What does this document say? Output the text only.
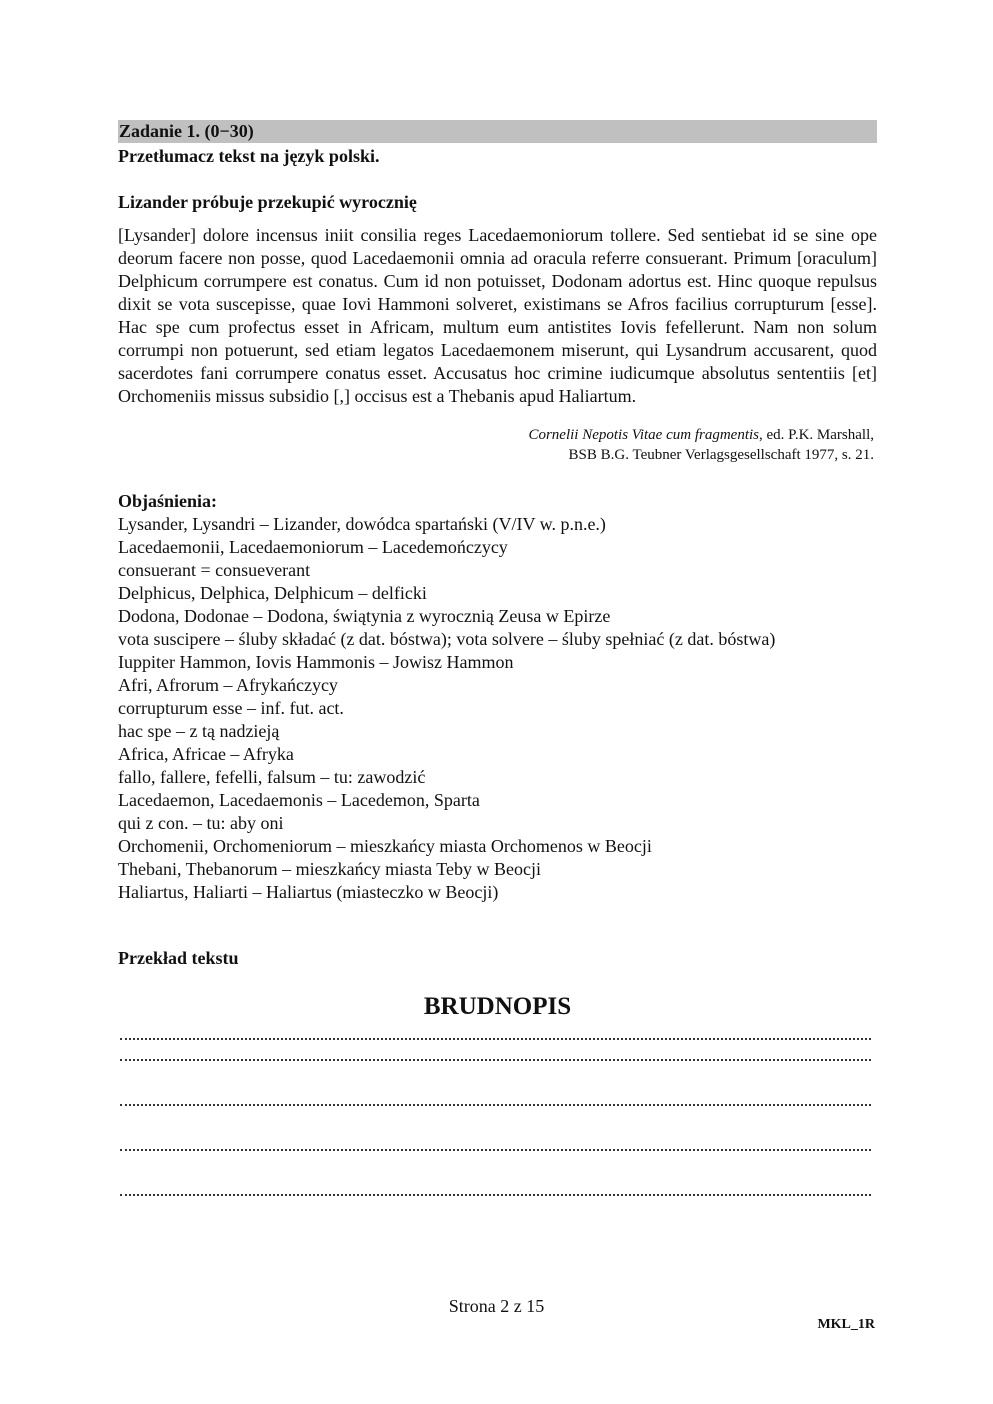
Zadanie 1. (0−30)
Przetłumacz tekst na język polski.
Lizander próbuje przekupić wyrocznię
[Lysander] dolore incensus iniit consilia reges Lacedaemoniorum tollere. Sed sentiebat id se sine ope deorum facere non posse, quod Lacedaemonii omnia ad oracula referre consuerant. Primum [oraculum] Delphicum corrumpere est conatus. Cum id non potuisset, Dodonam adortus est. Hinc quoque repulsus dixit se vota suscepisse, quae Iovi Hammoni solveret, existimans se Afros facilius corrupturum [esse]. Hac spe cum profectus esset in Africam, multum eum antistites Iovis fefellerunt. Nam non solum corrumpi non potuerunt, sed etiam legatos Lacedaemonem miserunt, qui Lysandrum accusarent, quod sacerdotes fani corrumpere conatus esset. Accusatus hoc crimine iudicumque absolutus sententiis [et] Orchomeniis missus subsidio [,] occisus est a Thebanis apud Haliartum.
Cornelii Nepotis Vitae cum fragmentis, ed. P.K. Marshall,
BSB B.G. Teubner Verlagsgesellschaft 1977, s. 21.
Objaśnienia:
Lysander, Lysandri – Lizander, dowódca spartański (V/IV w. p.n.e.)
Lacedaemonii, Lacedaemoniorum – Lacedemończycy
consuerant = consueverant
Delphicus, Delphica, Delphicum – delficki
Dodona, Dodonae – Dodona, świątynia z wyrocznią Zeusa w Epirze
vota suscipere – śluby składać (z dat. bóstwa); vota solvere – śluby spełniać (z dat. bóstwa)
Iuppiter Hammon, Iovis Hammonis – Jowisz Hammon
Afri, Afrorum – Afrykańczycy
corrupturum esse – inf. fut. act.
hac spe – z tą nadzieją
Africa, Africae – Afryka
fallo, fallere, fefelli, falsum – tu: zawodzić
Lacedaemon, Lacedaemonis – Lacedemon, Sparta
qui z con. – tu: aby oni
Orchomenii, Orchomeniorum – mieszkańcy miasta Orchomenos w Beocji
Thebani, Thebanorum – mieszkańcy miasta Teby w Beocji
Haliartus, Haliarti – Haliartus (miasteczko w Beocji)
Przekład tekstu
BRUDNOPIS
Strona 2 z 15
MKL_1R
